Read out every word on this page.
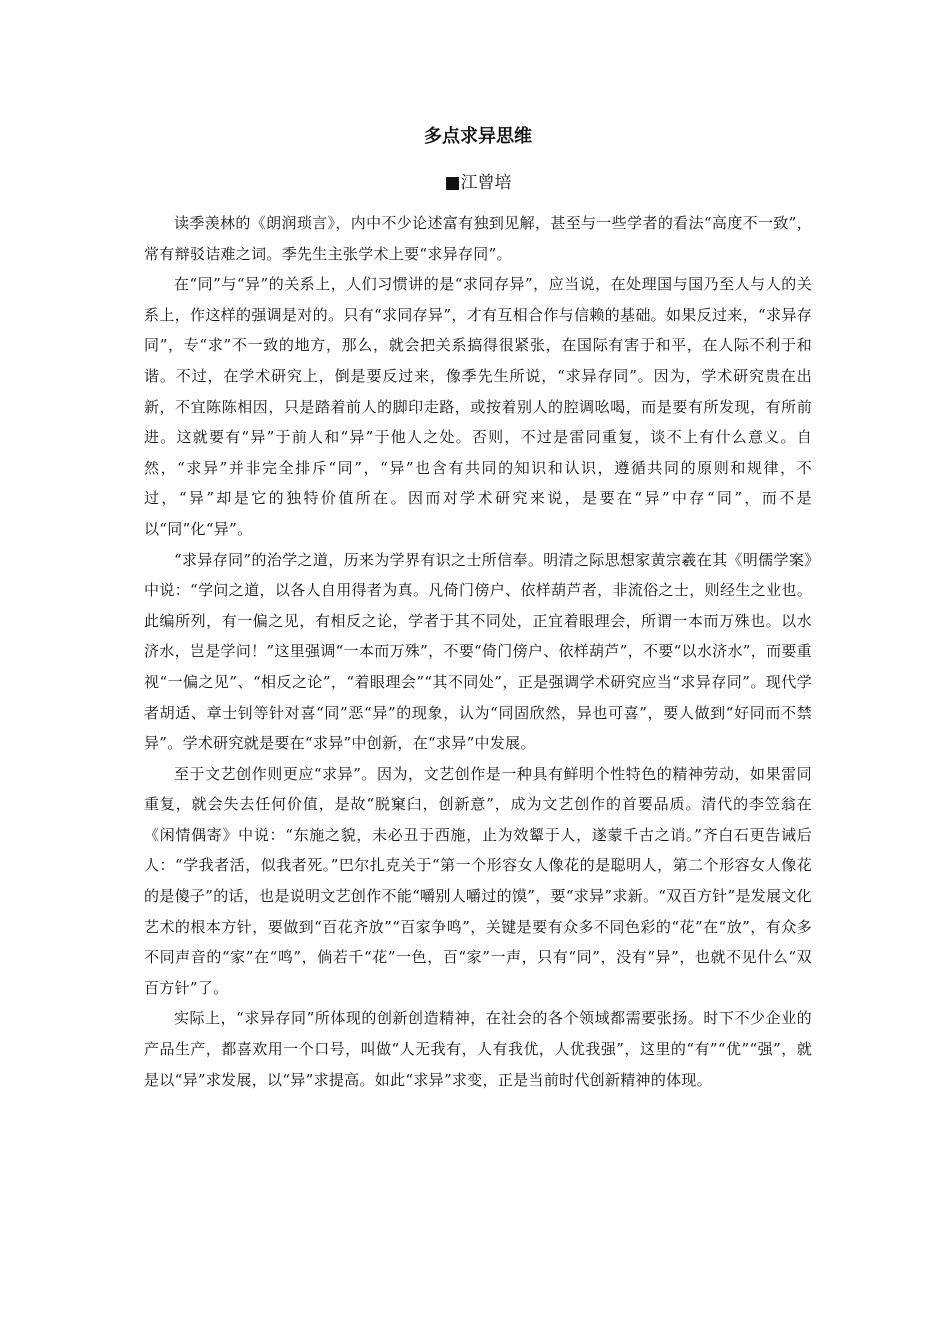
多点求异思维

■江曾培

读季羡林的《朗润琐言》，内中不少论述富有独到见解，甚至与一些学者的看法“高度不一致”，常有辩驳诘难之词。季先生主张学术上要“求异存同”。

在“同”与“异”的关系上，人们习惯讲的是“求同存异”，应当说，在处理国与国乃至人与人的关系上，作这样的强调是对的。只有“求同存异”，才有互相合作与信赖的基础。如果反过来，“求异存同”，专“求”不一致的地方，那么，就会把关系搞得很紧张，在国际有害于和平，在人际不利于和谐。不过，在学术研究上，倒是要反过来，像季先生所说，“求异存同”。因为，学术研究贵在出新，不宜陈陈相因，只是踏着前人的脚印走路，或按着别人的腔调吆喝，而是要有所发现，有所前进。这就要有“异”于前人和“异”于他人之处。否则，不过是雷同重复，谈不上有什么意义。自然，“求异”并非完全排斥“同”，“异”也含有共同的知识和认识，遵循共同的原则和规律，不过，“异”却是它的独特价值所在。因而对学术研究来说，是要在“异”中存“同”，而不是以“同”化“异”。

“求异存同”的治学之道，历来为学界有识之士所信奉。明清之际思想家黄宗羲在其《明儒学案》中说：“学问之道，以各人自用得者为真。凡倚门傍户、依样葫芦者，非流俗之士，则经生之业也。此编所列，有一偏之见，有相反之论，学者于其不同处，正宜着眼理会，所谓一本而万殊也。以水济水，岂是学问！”这里强调“一本而万殊”，不要“倚门傍户、依样葫芦”，不要“以水济水”，而要重视“一偏之见”、“相反之论”，“着眼理会”“其不同处”，正是强调学术研究应当“求异存同”。现代学者胡适、章士钊等针对喜“同”恶“异”的现象，认为“同固欣然，异也可喜”，要人做到“好同而不禁异”。学术研究就是要在“求异”中创新，在“求异”中发展。

至于文艺创作则更应“求异”。因为，文艺创作是一种具有鲜明个性特色的精神劳动，如果雷同重复，就会失去任何价值，是故“脱窠臼，创新意”，成为文艺创作的首要品质。清代的李笠翁在《闲情偶寄》中说：“东施之貌，未必丑于西施，止为效颦于人，遂蒙千古之诮。”齐白石更告诫后人：“学我者活，似我者死。”巴尔扎克关于“第一个形容女人像花的是聪明人，第二个形容女人像花的是傻子”的话，也是说明文艺创作不能“嚼别人嚼过的馍”，要“求异”求新。“双百方针”是发展文化艺术的根本方针，要做到“百花齐放”“百家争鸣”，关键是要有众多不同色彩的“花”在“放”，有众多不同声音的“家”在“鸣”，倘若千“花”一色，百“家”一声，只有“同”，没有“异”，也就不见什么“双百方针”了。

实际上，“求异存同”所体现的创新创造精神，在社会的各个领域都需要张扬。时下不少企业的产品生产，都喜欢用一个口号，叫做“人无我有，人有我优，人优我强”，这里的“有”“优”“强”，就是以“异”求发展，以“异”求提高。如此“求异”求变，正是当前时代创新精神的体现。
